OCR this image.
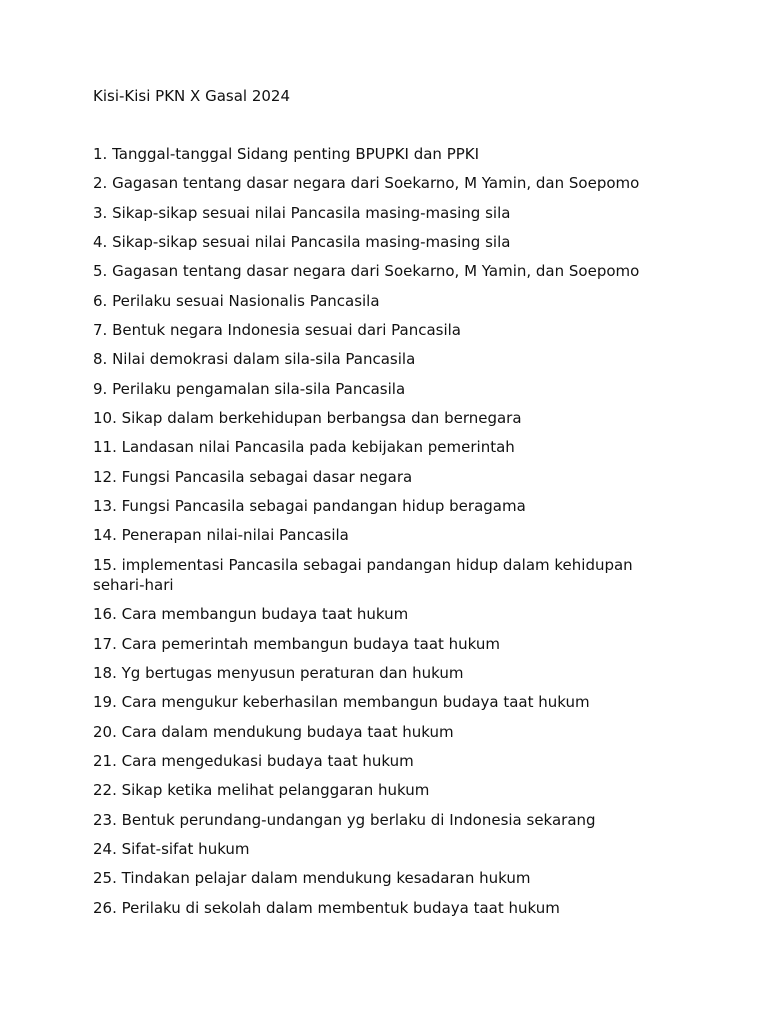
Kisi-Kisi PKN X Gasal 2024
1. Tanggal-tanggal Sidang penting BPUPKI dan PPKI
2. Gagasan tentang dasar negara dari Soekarno, M Yamin, dan Soepomo
3. Sikap-sikap sesuai nilai Pancasila masing-masing sila
4. Sikap-sikap sesuai nilai Pancasila masing-masing sila
5. Gagasan tentang dasar negara dari Soekarno, M Yamin, dan Soepomo
6. Perilaku sesuai Nasionalis Pancasila
7. Bentuk negara Indonesia sesuai dari Pancasila
8. Nilai demokrasi dalam sila-sila Pancasila
9. Perilaku pengamalan sila-sila Pancasila
10. Sikap dalam berkehidupan berbangsa dan bernegara
11. Landasan nilai Pancasila pada kebijakan pemerintah
12. Fungsi Pancasila sebagai dasar negara
13. Fungsi Pancasila sebagai pandangan hidup beragama
14. Penerapan nilai-nilai Pancasila
15. implementasi Pancasila sebagai pandangan hidup dalam kehidupan sehari-hari
16. Cara membangun budaya taat hukum
17. Cara pemerintah membangun budaya taat hukum
18. Yg bertugas menyusun peraturan dan hukum
19. Cara mengukur keberhasilan membangun budaya taat hukum
20. Cara dalam mendukung budaya taat hukum
21. Cara mengedukasi budaya taat hukum
22. Sikap ketika melihat pelanggaran hukum
23. Bentuk perundang-undangan yg berlaku di Indonesia sekarang
24. Sifat-sifat hukum
25. Tindakan pelajar dalam mendukung kesadaran hukum
26. Perilaku di sekolah dalam membentuk budaya taat hukum
